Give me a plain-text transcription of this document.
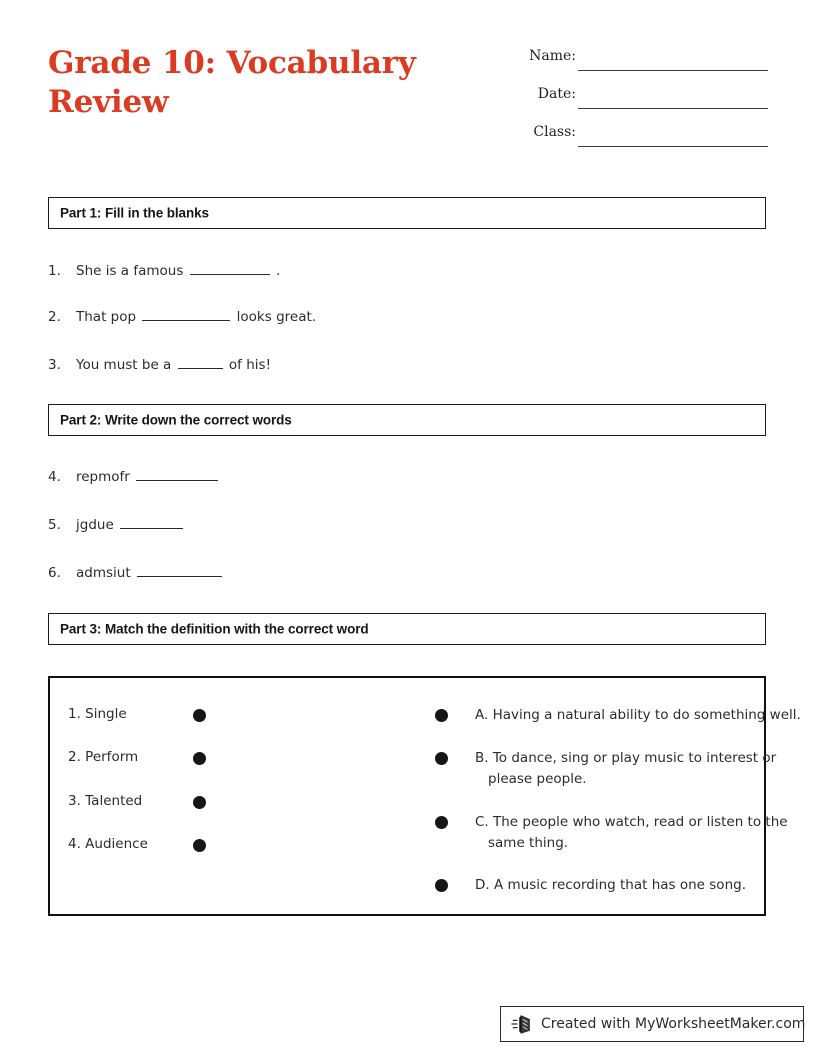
Grade 10: Vocabulary
Review
Name:
Date:
Class:
Created with MyWorksheetMaker.com
Part 1: Fill in the blanks
1. She is a famous	.
2. That pop	looks great.
3. You must be a	of his!
Part 2: Write down the correct words
4. repmofr
5. jgdue
6. admsiut
Part 3: Match the definition with the correct word
1. Single
2. Perform
3. Talented
4. Audience
A. Having a natural ability to do something well.
B. To dance, sing or play music to interest or please people.
C. The people who watch, read or listen to the same thing.
D. A music recording that has one song.
